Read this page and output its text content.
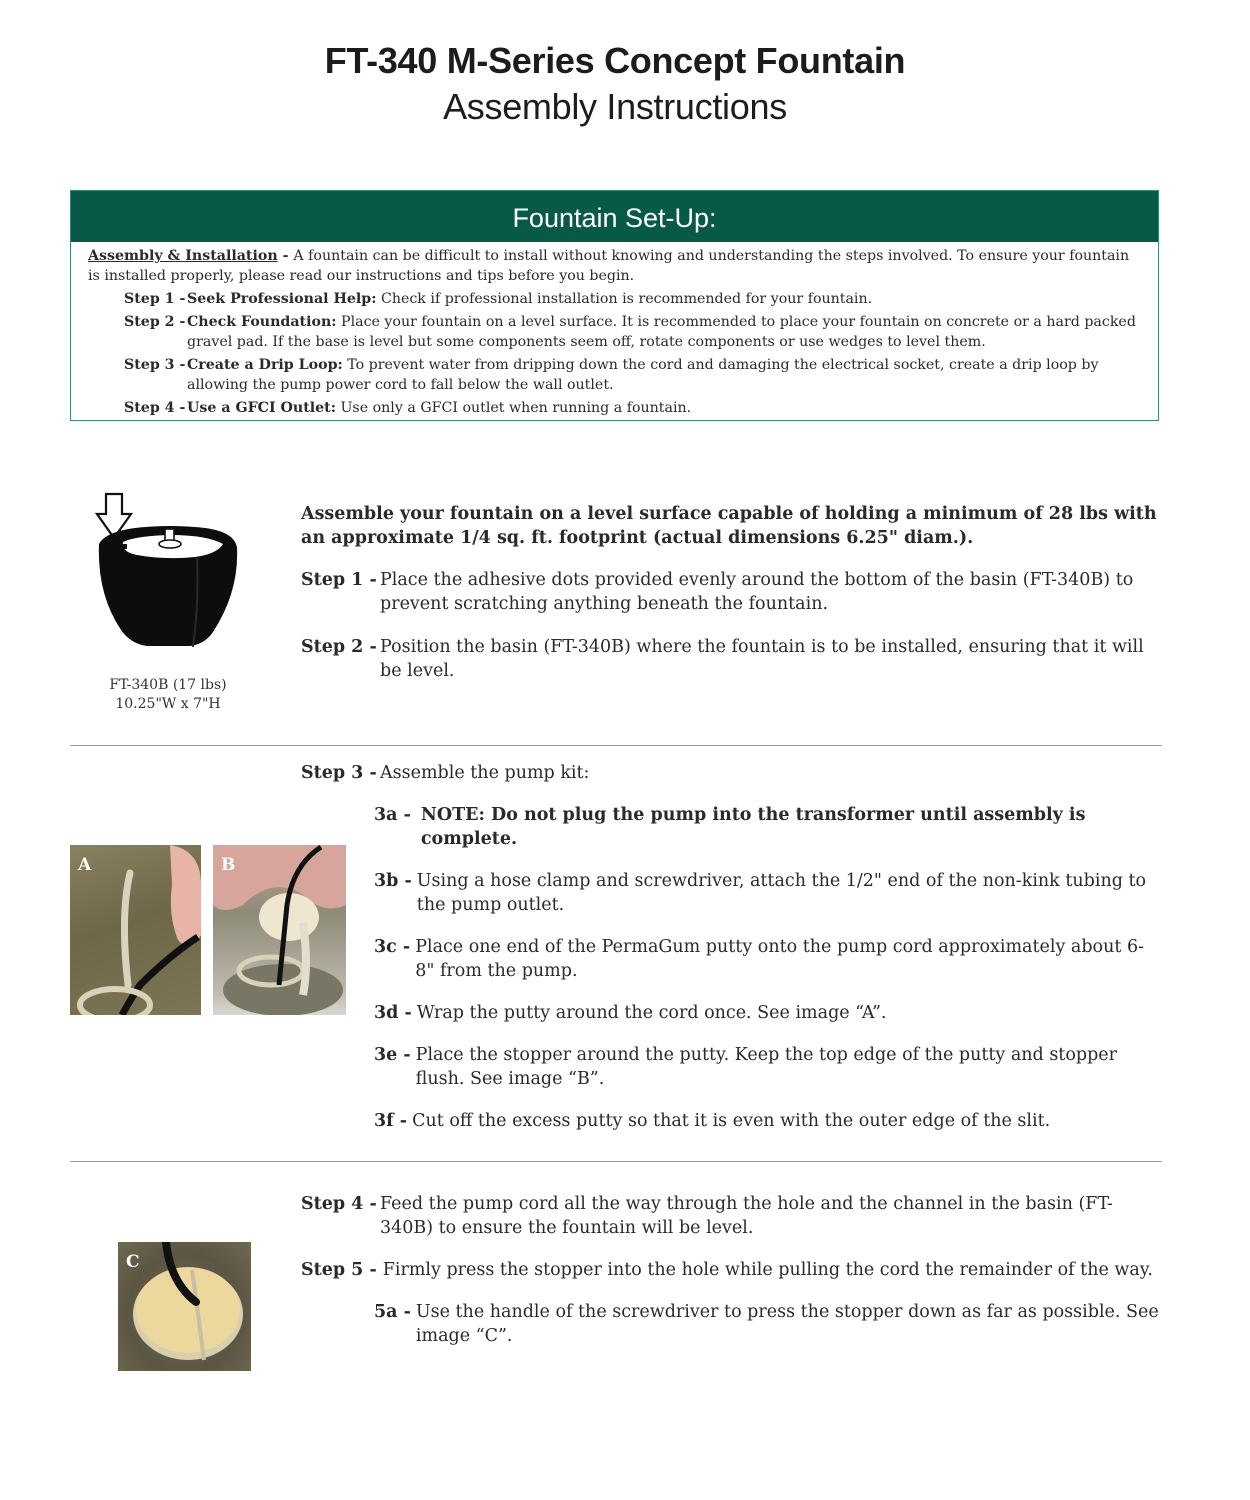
FT-340 M-Series Concept Fountain
Assembly Instructions
Fountain Set-Up:
Assembly & Installation - A fountain can be difficult to install without knowing and understanding the steps involved. To ensure your fountain is installed properly, please read our instructions and tips before you begin.
Step 1 - Seek Professional Help: Check if professional installation is recommended for your fountain.
Step 2 - Check Foundation: Place your fountain on a level surface. It is recommended to place your fountain on concrete or a hard packed gravel pad. If the base is level but some components seem off, rotate components or use wedges to level them.
Step 3 - Create a Drip Loop: To prevent water from dripping down the cord and damaging the electrical socket, create a drip loop by allowing the pump power cord to fall below the wall outlet.
Step 4 - Use a GFCI Outlet: Use only a GFCI outlet when running a fountain.
FT-340B (17 lbs)
10.25"W x 7"H
Assemble your fountain on a level surface capable of holding a minimum of 28 lbs with an approximate 1/4 sq. ft. footprint (actual dimensions 6.25" diam.).
Step 1 - Place the adhesive dots provided evenly around the bottom of the basin (FT-340B) to prevent scratching anything beneath the fountain.
Step 2 - Position the basin (FT-340B) where the fountain is to be installed, ensuring that it will be level.
A	B
Step 3 - Assemble the pump kit:
3a - NOTE: Do not plug the pump into the transformer until assembly is complete.
3b - Using a hose clamp and screwdriver, attach the 1/2" end of the non-kink tubing to the pump outlet.
3c - Place one end of the PermaGum putty onto the pump cord approximately about 6-8" from the pump.
3d - Wrap the putty around the cord once. See image “A”.
3e - Place the stopper around the putty. Keep the top edge of the putty and stopper flush. See image “B”.
3f - Cut off the excess putty so that it is even with the outer edge of the slit.
C
Step 4 - Feed the pump cord all the way through the hole and the channel in the basin (FT-340B) to ensure the fountain will be level.
Step 5 - Firmly press the stopper into the hole while pulling the cord the remainder of the way.
5a - Use the handle of the screwdriver to press the stopper down as far as possible. See image “C”.
